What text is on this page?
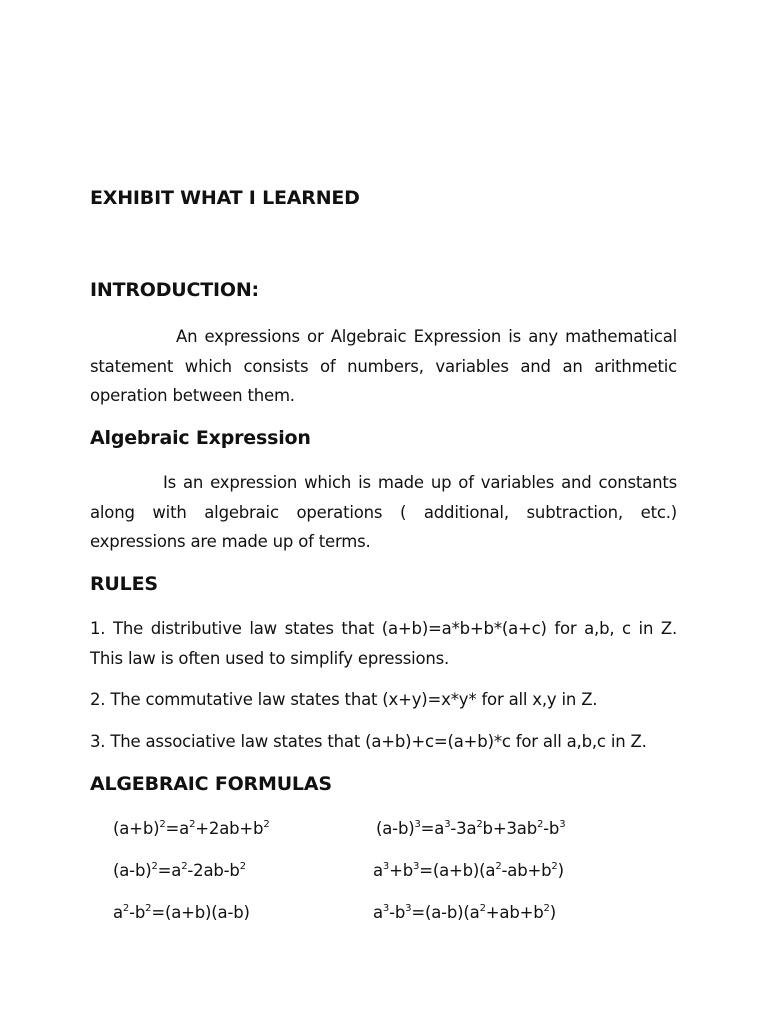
EXHIBIT WHAT I LEARNED
INTRODUCTION:

An expressions or Algebraic Expression is any mathematical statement which consists of numbers, variables and an arithmetic operation between them.

Algebraic Expression

Is an expression which is made up of variables and constants along with algebraic operations ( additional, subtraction, etc.) expressions are made up of terms.

RULES

1. The distributive law states that (a+b)=a*b+b*(a+c) for a,b, c in Z. This law is often used to simplify epressions.

2. The commutative law states that (x+y)=x*y* for all x,y in Z.

3. The associative law states that (a+b)+c=(a+b)*c for all a,b,c in Z.

ALGEBRAIC FORMULAS
$(a+b)^2=a^2+2ab+b^2$
$(a-b)^2=a^2-2ab-b^2$
$a^2-b^2=(a+b)(a-b)$
$(a-b)^3=a^3-3a^2b+3ab^2-b^3$
$a^3+b^3=(a+b)(a^2-ab+b^2)$
$a^3-b^3=(a-b)(a^2+ab+b^2)$
